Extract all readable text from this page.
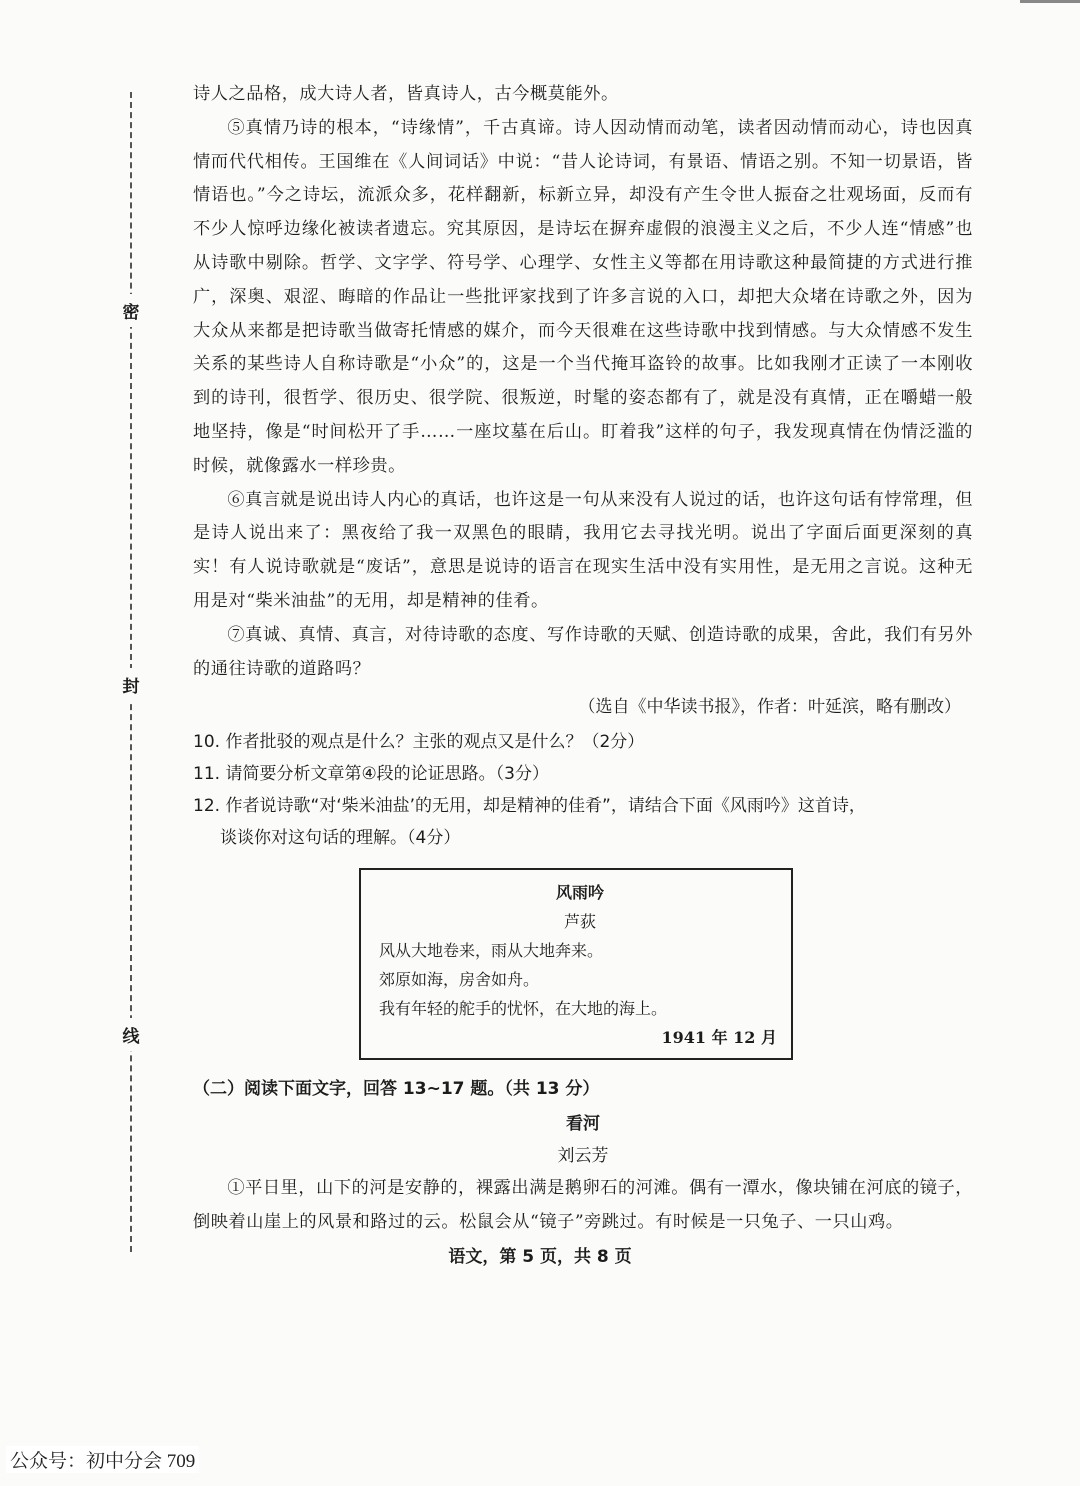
密
封
线

诗人之品格，成大诗人者，皆真诗人，古今概莫能外。

⑤真情乃诗的根本，“诗缘情”，千古真谛。诗人因动情而动笔，读者因动情而动心，诗也因真情而代代相传。王国维在《人间词话》中说：“昔人论诗词，有景语、情语之别。不知一切景语，皆情语也。”今之诗坛，流派众多，花样翻新，标新立异，却没有产生令世人振奋之壮观场面，反而有不少人惊呼边缘化被读者遗忘。究其原因，是诗坛在摒弃虚假的浪漫主义之后，不少人连“情感”也从诗歌中剔除。哲学、文字学、符号学、心理学、女性主义等都在用诗歌这种最简捷的方式进行推广，深奥、艰涩、晦暗的作品让一些批评家找到了许多言说的入口，却把大众堵在诗歌之外，因为大众从来都是把诗歌当做寄托情感的媒介，而今天很难在这些诗歌中找到情感。与大众情感不发生关系的某些诗人自称诗歌是“小众”的，这是一个当代掩耳盗铃的故事。比如我刚才正读了一本刚收到的诗刊，很哲学、很历史、很学院、很叛逆，时髦的姿态都有了，就是没有真情，正在嚼蜡一般地坚持，像是“时间松开了手……一座坟墓在后山。盯着我”这样的句子，我发现真情在伪情泛滥的时候，就像露水一样珍贵。

⑥真言就是说出诗人内心的真话，也许这是一句从来没有人说过的话，也许这句话有悖常理，但是诗人说出来了：黑夜给了我一双黑色的眼睛，我用它去寻找光明。说出了字面后面更深刻的真实！有人说诗歌就是“废话”，意思是说诗的语言在现实生活中没有实用性，是无用之言说。这种无用是对“柴米油盐”的无用，却是精神的佳肴。

⑦真诚、真情、真言，对待诗歌的态度、写作诗歌的天赋、创造诗歌的成果，舍此，我们有另外的通往诗歌的道路吗？

（选自《中华读书报》，作者：叶延滨，略有删改）

10. 作者批驳的观点是什么？主张的观点又是什么？（2分）

11. 请简要分析文章第④段的论证思路。（3分）

12. 作者说诗歌“对‘柴米油盐’的无用，却是精神的佳肴”，请结合下面《风雨吟》这首诗，
谈谈你对这句话的理解。（4分）

风雨吟
芦荻

风从大地卷来，雨从大地奔来。

郊原如海，房舍如舟。

我有年轻的舵手的忧怀，在大地的海上。

1941 年 12 月
（二）阅读下面文字，回答 13~17 题。（共 13 分）
看河
刘云芳

①平日里，山下的河是安静的，裸露出满是鹅卵石的河滩。偶有一潭水，像块铺在河底的镜子，倒映着山崖上的风景和路过的云。松鼠会从“镜子”旁跳过。有时候是一只兔子、一只山鸡。

语文，第 5 页，共 8 页
公众号：初中分会 709
